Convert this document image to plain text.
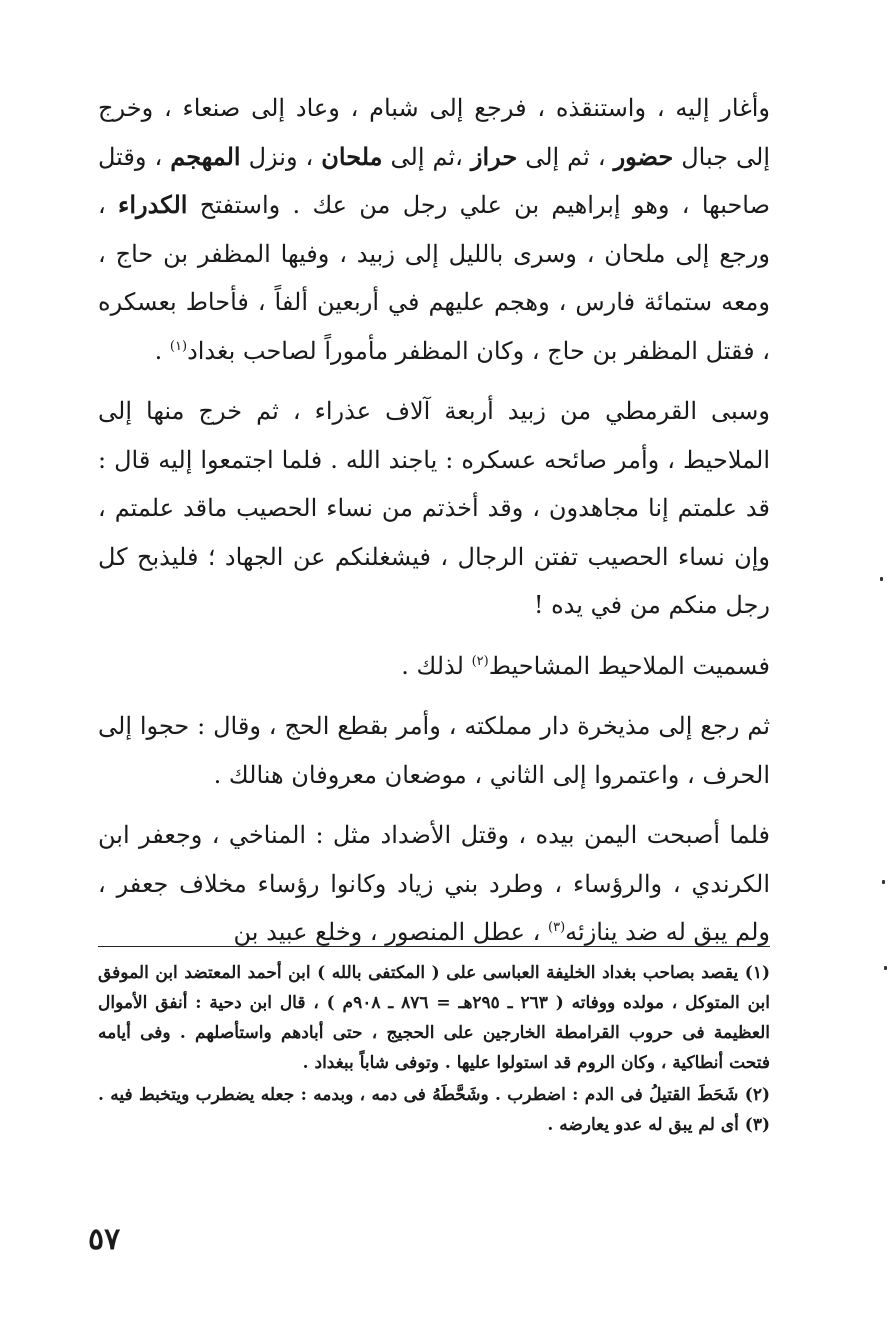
وأغار إليه ، واستنقذه ، فرجع إلى شبام ، وعاد إلى صنعاء ، وخرج إلى جبال حضور ، ثم إلى حراز ،ثم إلى ملحان ، ونزل المهجم ، وقتل صاحبها ، وهو إبراهيم بن علي رجل من عك . واستفتح الكدراء ، ورجع إلى ملحان ، وسرى بالليل إلى زبيد ، وفيها المظفر بن حاج ، ومعه ستمائة فارس ، وهجم عليهم في أربعين ألفاً ، فأحاط بعسكره ، فقتل المظفر بن حاج ، وكان المظفر مأموراً لصاحب بغداد$^{(١)}$ .
وسبى القرمطي من زبيد أربعة آلاف عذراء ، ثم خرج منها إلى الملاحيط ، وأمر صائحه عسكره : ياجند الله . فلما اجتمعوا إليه قال : قد علمتم إنا مجاهدون ، وقد أخذتم من نساء الحصيب ماقد علمتم ، وإن نساء الحصيب تفتن الرجال ، فيشغلنكم عن الجهاد ؛ فليذبح كل رجل منكم من في يده !
فسميت الملاحيط المشاحيط$^{(٢)}$ لذلك .
ثم رجع إلى مذيخرة دار مملكته ، وأمر بقطع الحج ، وقال : حجوا إلى الحرف ، واعتمروا إلى الثاني ، موضعان معروفان هنالك .
فلما أصبحت اليمن بيده ، وقتل الأضداد مثل : المناخي ، وجعفر ابن الكرندي ، والرؤساء ، وطرد بني زياد وكانوا رؤساء مخلاف جعفر ، ولم يبق له ضد ينازئه$^{(٣)}$ ، عطل المنصور ، وخلع عبيد بن

(١) يقصد بصاحب بغداد الخليفة العباسى على ( المكتفى بالله ) ابن أحمد المعتضد ابن الموفق ابن المتوكل ، مولده ووفاته ( ٢٦٣ ـ ٢٩٥هـ = ٨٧٦ ـ ٩٠٨م ) ، قال ابن دحية : أنفق الأموال العظيمة فى حروب القرامطة الخارجين على الحجيج ، حتى أبادهم واستأصلهم . وفى أيامه فتحت أنطاكية ، وكان الروم قد استولوا عليها . وتوفى شاباً ببغداد .

(٢) شَحَطَ القتيلُ فى الدم : اضطرب . وشَحَّطَهُ فى دمه ، وبدمه : جعله يضطرب ويتخبط فيه . (٣) أى لم يبق له عدو يعارضه .

٥٧
